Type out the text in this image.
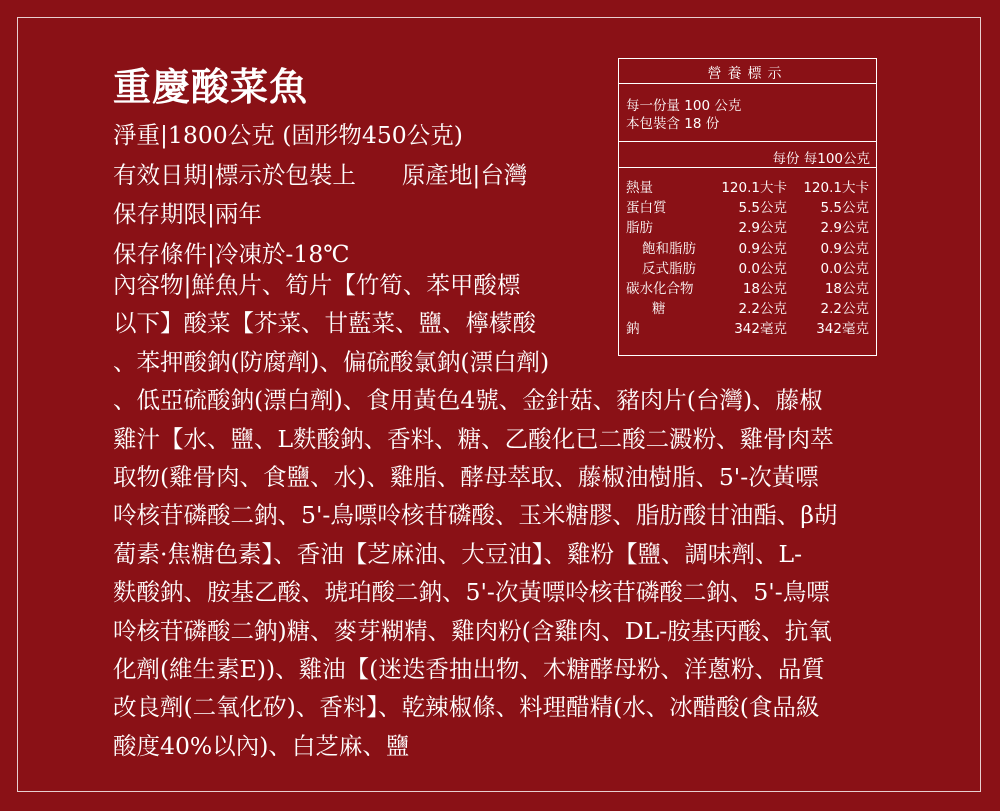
重慶酸菜魚
淨重|1800公克 (固形物450公克)
有效日期|標示於包裝上 原產地|台灣
保存期限|兩年
保存條件|冷凍於-18℃
內容物|鮮魚片、筍片【竹筍、苯甲酸標
以下】酸菜【芥菜、甘藍菜、鹽、檸檬酸
、苯押酸鈉(防腐劑)、偏硫酸氯鈉(漂白劑)
、低亞硫酸鈉(漂白劑)、食用黃色4號、金針菇、豬肉片(台灣)、藤椒
雞汁【水、鹽、L麩酸鈉、香料、糖、乙酸化已二酸二澱粉、雞骨肉萃
取物(雞骨肉、食鹽、水)、雞脂、酵母萃取、藤椒油樹脂、5'-次黃嘌
呤核苷磷酸二鈉、5'-鳥嘌呤核苷磷酸、玉米糖膠、脂肪酸甘油酯、β胡
蔔素·焦糖色素】、香油【芝麻油、大豆油】、雞粉【鹽、調味劑、L-
麩酸鈉、胺基乙酸、琥珀酸二鈉、5'-次黃嘌呤核苷磷酸二鈉、5'-鳥嘌
呤核苷磷酸二鈉)糖、麥芽糊精、雞肉粉(含雞肉、DL-胺基丙酸、抗氧
化劑(維生素E))、雞油【(迷迭香抽出物、木糖酵母粉、洋蔥粉、品質
改良劑(二氧化矽)、香料】、乾辣椒條、料理醋精(水、冰醋酸(食品級
酸度40%以內)、白芝麻、鹽
營養標示
每一份量 100 公克
本包裝含 18 份
每份 每100公克
熱量	120.1大卡 120.1大卡
蛋白質	5.5公克 5.5公克
脂肪	2.9公克 2.9公克
飽和脂肪	0.9公克 0.9公克
反式脂肪	0.0公克 0.0公克
碳水化合物	18公克	18公克
糖	2.2公克 2.2公克
鈉	342毫克 342毫克
